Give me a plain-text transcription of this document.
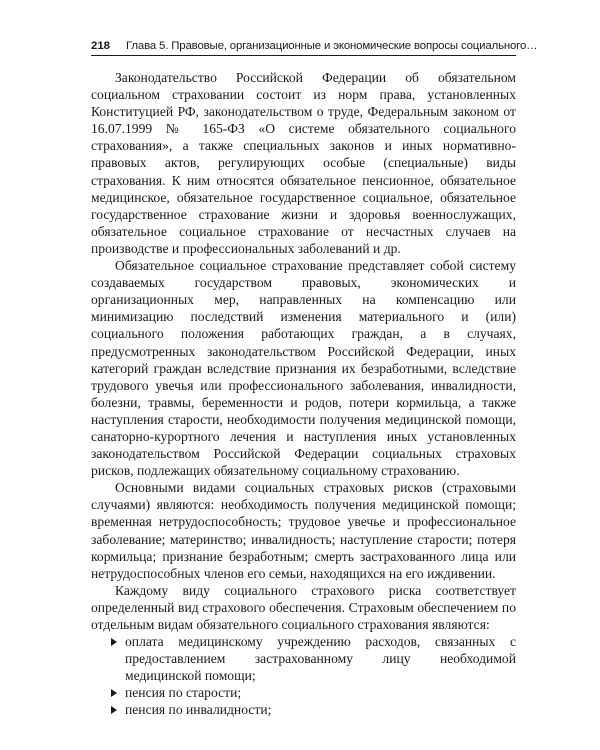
218 Глава 5. Правовые, организационные и экономические вопросы социального…

Законодательство Российской Федерации об обязательном социальном страховании состоит из норм права, установленных Конституцией РФ, законодательством о труде, Федеральным законом от 16.07.1999 № 165-ФЗ «О системе обязательного социального страхования», а также специальных законов и иных нормативно-правовых актов, регулирующих особые (специальные) виды страхования. К ним относятся обязательное пенсионное, обязательное медицинское, обязательное государственное социальное, обязательное государственное страхование жизни и здоровья военнослужащих, обязательное социальное страхование от несчастных случаев на производстве и профессиональных заболеваний и др.

Обязательное социальное страхование представляет собой систему создаваемых государством правовых, экономических и организационных мер, направленных на компенсацию или минимизацию последствий изменения материального и (или) социального положения работающих граждан, а в случаях, предусмотренных законодательством Российской Федерации, иных категорий граждан вследствие признания их безработными, вследствие трудового увечья или профессионального заболевания, инвалидности, болезни, травмы, беременности и родов, потери кормильца, а также наступления старости, необходимости получения медицинской помощи, санаторно-курортного лечения и наступления иных установленных законодательством Российской Федерации социальных страховых рисков, подлежащих обязательному социальному страхованию.

Основными видами социальных страховых рисков (страховыми случаями) являются: необходимость получения медицинской помощи; временная нетрудоспособность; трудовое увечье и профессиональное заболевание; материнство; инвалидность; наступление старости; потеря кормильца; признание безработным; смерть застрахованного лица или нетрудоспособных членов его семьи, находящихся на его иждивении.

Каждому виду социального страхового риска соответствует определенный вид страхового обеспечения. Страховым обеспечением по отдельным видам обязательного социального страхования являются:

оплата медицинскому учреждению расходов, связанных с предоставлением застрахованному лицу необходимой медицинской помощи;
пенсия по старости;
пенсия по инвалидности;
